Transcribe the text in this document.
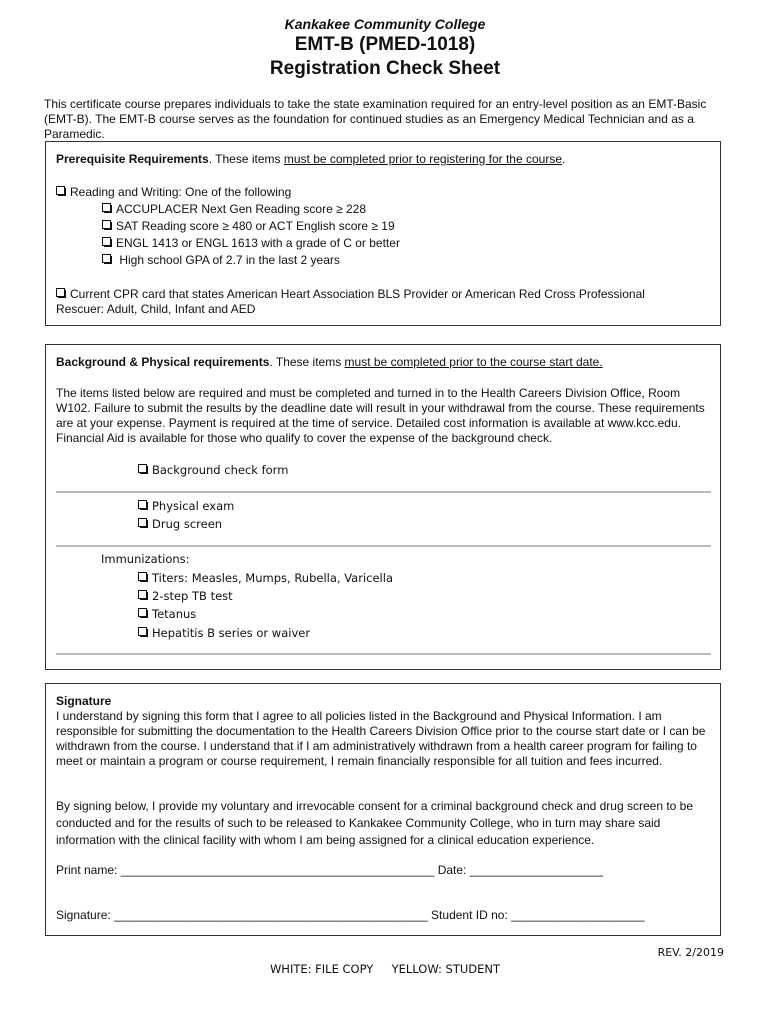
Kankakee Community College
EMT-B (PMED-1018)
Registration Check Sheet
This certificate course prepares individuals to take the state examination required for an entry-level position as an EMT-Basic (EMT-B). The EMT-B course serves as the foundation for continued studies as an Emergency Medical Technician and as a Paramedic.
Prerequisite Requirements. These items must be completed prior to registering for the course.
Reading and Writing: One of the following
ACCUPLACER Next Gen Reading score ≥ 228
SAT Reading score ≥ 480 or ACT English score ≥ 19
ENGL 1413 or ENGL 1613 with a grade of C or better
High school GPA of 2.7 in the last 2 years
Current CPR card that states American Heart Association BLS Provider or American Red Cross Professional
Rescuer: Adult, Child, Infant and AED
Background & Physical requirements. These items must be completed prior to the course start date.
The items listed below are required and must be completed and turned in to the Health Careers Division Office, Room W102. Failure to submit the results by the deadline date will result in your withdrawal from the course. These requirements are at your expense. Payment is required at the time of service. Detailed cost information is available at www.kcc.edu. Financial Aid is available for those who qualify to cover the expense of the background check.
Background check form
Physical exam
Drug screen
Immunizations:
Titers: Measles, Mumps, Rubella, Varicella
2-step TB test
Tetanus
Hepatitis B series or waiver
Signature
I understand by signing this form that I agree to all policies listed in the Background and Physical Information. I am responsible for submitting the documentation to the Health Careers Division Office prior to the course start date or I can be withdrawn from the course. I understand that if I am administratively withdrawn from a health career program for failing to meet or maintain a program or course requirement, I remain financially responsible for all tuition and fees incurred.
By signing below, I provide my voluntary and irrevocable consent for a criminal background check and drug screen to be conducted and for the results of such to be released to Kankakee Community College, who in turn may share said information with the clinical facility with whom I am being assigned for a clinical education experience.
Print name: _______________________________________________ Date: ____________________
Signature: _______________________________________________ Student ID no: ____________________
REV. 2/2019
WHITE: FILE COPY     YELLOW: STUDENT
